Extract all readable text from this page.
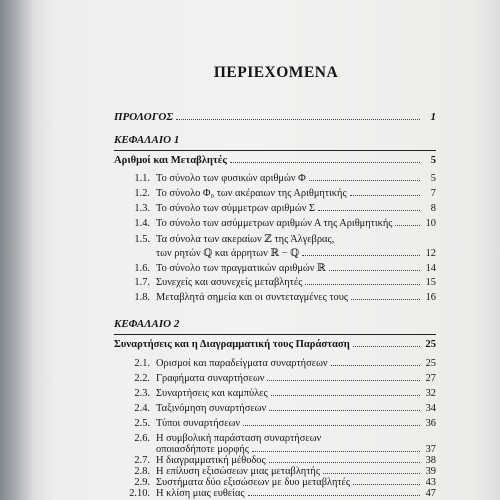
ΠΕΡΙΕΧΟΜΕΝΑ
ΠΡΟΛΟΓΟΣ	1
ΚΕΦΑΛΑΙΟ 1
Αριθμοί και Μεταβλητές	5
1.1. Το σύνολο των φυσικών αριθμών Φ	5
1.2. Το σύνολο Φ₀ των ακέραιων της Αριθμητικής	7
1.3. Το σύνολο των σύμμετρων αριθμών Σ	8
1.4. Το σύνολο των ασύμμετρων αριθμών Α της Αριθμητικής	10
1.5. Τα σύνολα των ακεραίων ℤ της Άλγεβρας,
των ρητών ℚ και άρρητων ℝ − ℚ	12
1.6. Το σύνολο των πραγματικών αριθμών ℝ	14
1.7. Συνεχείς και ασυνεχείς μεταβλητές	15
1.8. Μεταβλητά σημεία και οι συντεταγμένες τους	16
ΚΕΦΑΛΑΙΟ 2
Συναρτήσεις και η Διαγραμματική τους Παράσταση	25
2.1. Ορισμοί και παραδείγματα συναρτήσεων	25
2.2. Γραφήματα συναρτήσεων	27
2.3. Συναρτήσεις και καμπύλες	32
2.4. Ταξινόμηση συναρτήσεων	34
2.5. Τύποι συναρτήσεων	36
2.6. Η συμβολική παράσταση συναρτήσεων
οποιασδήποτε μορφής	37
2.7. Η διαγραμματική μέθοδος	38
2.8. Η επίλυση εξισώσεων μιας μεταβλητής	39
2.9. Συστήματα δύο εξισώσεων με δυο μεταβλητές	43
2.10. Η κλίση μιας ευθείας	47
